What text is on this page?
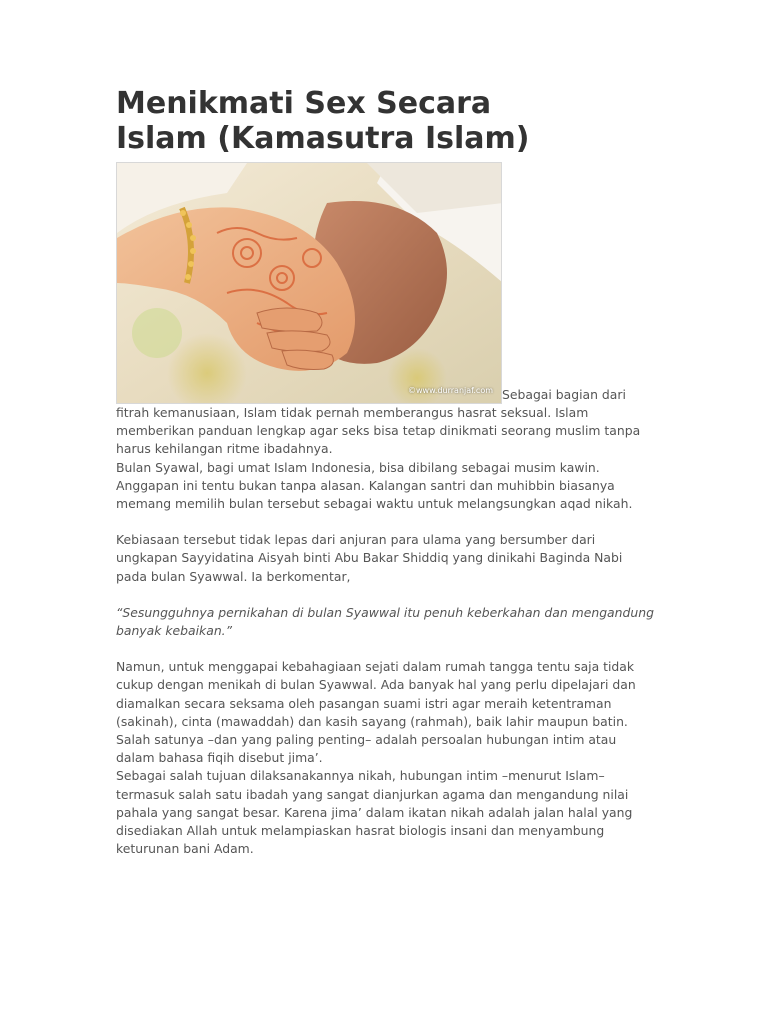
Menikmati Sex Secara Islam (Kamasutra Islam)
©www.durranjaf.com Sebagai bagian dari

fitrah kemanusiaan, Islam tidak pernah memberangus hasrat seksual. Islam memberikan panduan lengkap agar seks bisa tetap dinikmati seorang muslim tanpa harus kehilangan ritme ibadahnya.

Bulan Syawal, bagi umat Islam Indonesia, bisa dibilang sebagai musim kawin. Anggapan ini tentu bukan tanpa alasan. Kalangan santri dan muhibbin biasanya memang memilih bulan tersebut sebagai waktu untuk melangsungkan aqad nikah.

Kebiasaan tersebut tidak lepas dari anjuran para ulama yang bersumber dari ungkapan Sayyidatina Aisyah binti Abu Bakar Shiddiq yang dinikahi Baginda Nabi pada bulan Syawwal. Ia berkomentar,

“Sesungguhnya pernikahan di bulan Syawwal itu penuh keberkahan dan mengandung banyak kebaikan.”

Namun, untuk menggapai kebahagiaan sejati dalam rumah tangga tentu saja tidak cukup dengan menikah di bulan Syawwal. Ada banyak hal yang perlu dipelajari dan diamalkan secara seksama oleh pasangan suami istri agar meraih ketentraman (sakinah), cinta (mawaddah) dan kasih sayang (rahmah), baik lahir maupun batin. Salah satunya –dan yang paling penting– adalah persoalan hubungan intim atau dalam bahasa fiqih disebut jima’.

Sebagai salah tujuan dilaksanakannya nikah, hubungan intim –menurut Islam– termasuk salah satu ibadah yang sangat dianjurkan agama dan mengandung nilai pahala yang sangat besar. Karena jima’ dalam ikatan nikah adalah jalan halal yang disediakan Allah untuk melampiaskan hasrat biologis insani dan menyambung keturunan bani Adam.
